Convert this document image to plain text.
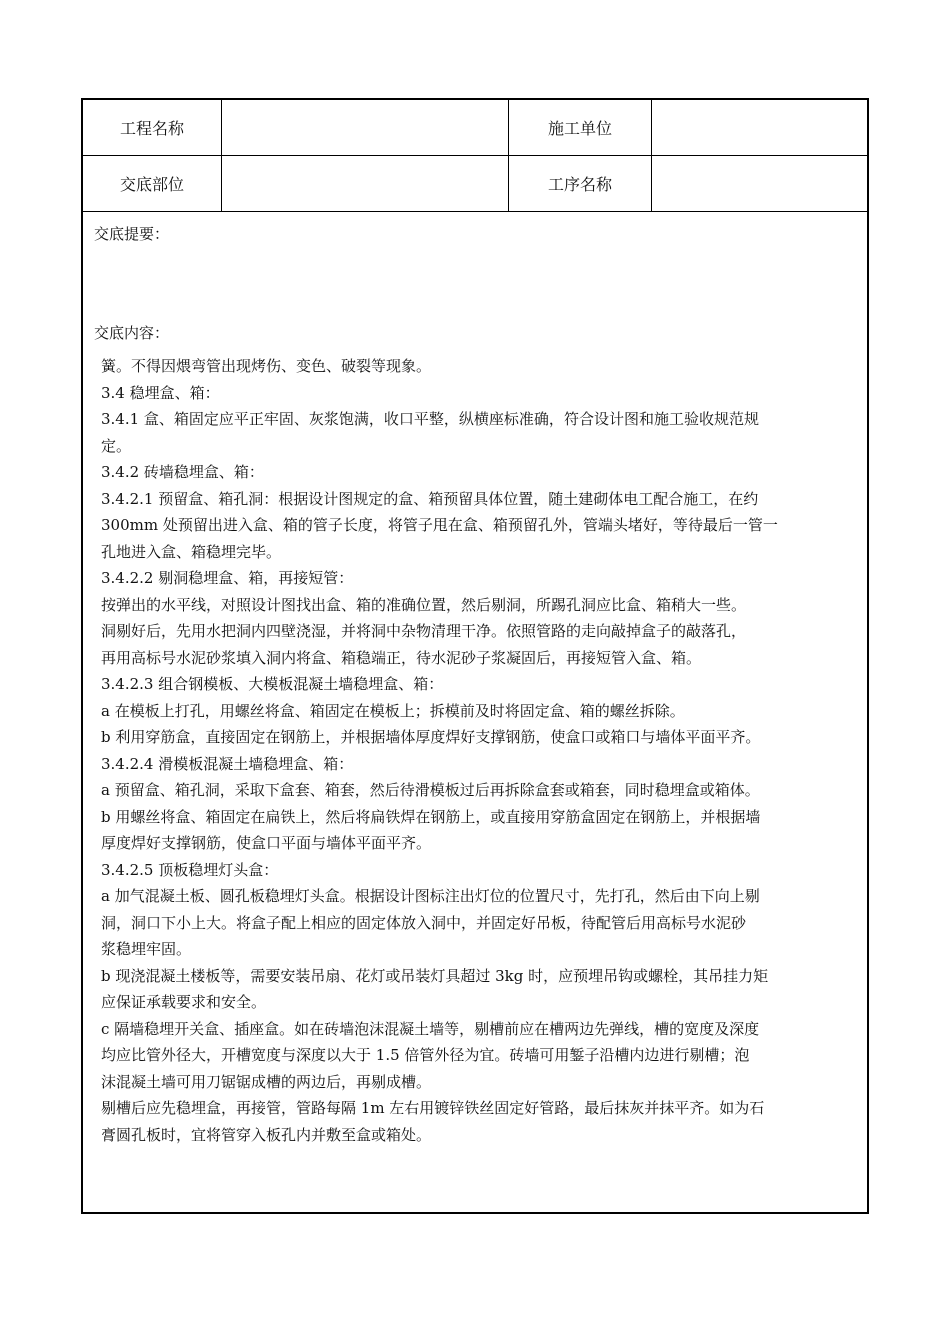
工程名称	施工单位
交底部位	工序名称
交底提要：
交底内容：
簧。不得因煨弯管出现烤伤、变色、破裂等现象。
3.4 稳埋盒、箱：
3.4.1 盒、箱固定应平正牢固、灰浆饱满，收口平整，纵横座标准确，符合设计图和施工验收规范规
定。
3.4.2 砖墙稳埋盒、箱：
3.4.2.1 预留盒、箱孔洞：根据设计图规定的盒、箱预留具体位置，随土建砌体电工配合施工，在约
300mm 处预留出进入盒、箱的管子长度，将管子甩在盒、箱预留孔外，管端头堵好，等待最后一管一
孔地进入盒、箱稳埋完毕。
3.4.2.2 剔洞稳埋盒、箱，再接短管：
按弹出的水平线，对照设计图找出盒、箱的准确位置，然后剔洞，所踢孔洞应比盒、箱稍大一些。
洞剔好后，先用水把洞内四壁浇湿，并将洞中杂物清理干净。依照管路的走向敲掉盒子的敲落孔，
再用高标号水泥砂浆填入洞内将盒、箱稳端正，待水泥砂子浆凝固后，再接短管入盒、箱。
3.4.2.3 组合钢模板、大模板混凝土墙稳埋盒、箱：
a 在模板上打孔，用螺丝将盒、箱固定在模板上；拆模前及时将固定盒、箱的螺丝拆除。
b 利用穿筋盒，直接固定在钢筋上，并根据墙体厚度焊好支撑钢筋，使盒口或箱口与墙体平面平齐。
3.4.2.4 滑模板混凝土墙稳埋盒、箱：
a 预留盒、箱孔洞，采取下盒套、箱套，然后待滑模板过后再拆除盒套或箱套，同时稳埋盒或箱体。
b 用螺丝将盒、箱固定在扁铁上，然后将扁铁焊在钢筋上，或直接用穿筋盒固定在钢筋上，并根据墙
厚度焊好支撑钢筋，使盒口平面与墙体平面平齐。
3.4.2.5 顶板稳埋灯头盒：
a 加气混凝土板、圆孔板稳埋灯头盒。根据设计图标注出灯位的位置尺寸，先打孔，然后由下向上剔
洞，洞口下小上大。将盒子配上相应的固定体放入洞中，并固定好吊板，待配管后用高标号水泥砂
浆稳埋牢固。
b 现浇混凝土楼板等，需要安装吊扇、花灯或吊装灯具超过 3kg 时，应预埋吊钩或螺栓，其吊挂力矩
应保证承载要求和安全。
c 隔墙稳埋开关盒、插座盒。如在砖墙泡沫混凝土墙等，剔槽前应在槽两边先弹线，槽的宽度及深度
均应比管外径大，开槽宽度与深度以大于 1.5 倍管外径为宜。砖墙可用錾子沿槽内边进行剔槽；泡
沫混凝土墙可用刀锯锯成槽的两边后，再剔成槽。
剔槽后应先稳埋盒，再接管，管路每隔 1m 左右用镀锌铁丝固定好管路，最后抹灰并抹平齐。如为石
膏圆孔板时，宜将管穿入板孔内并敷至盒或箱处。
